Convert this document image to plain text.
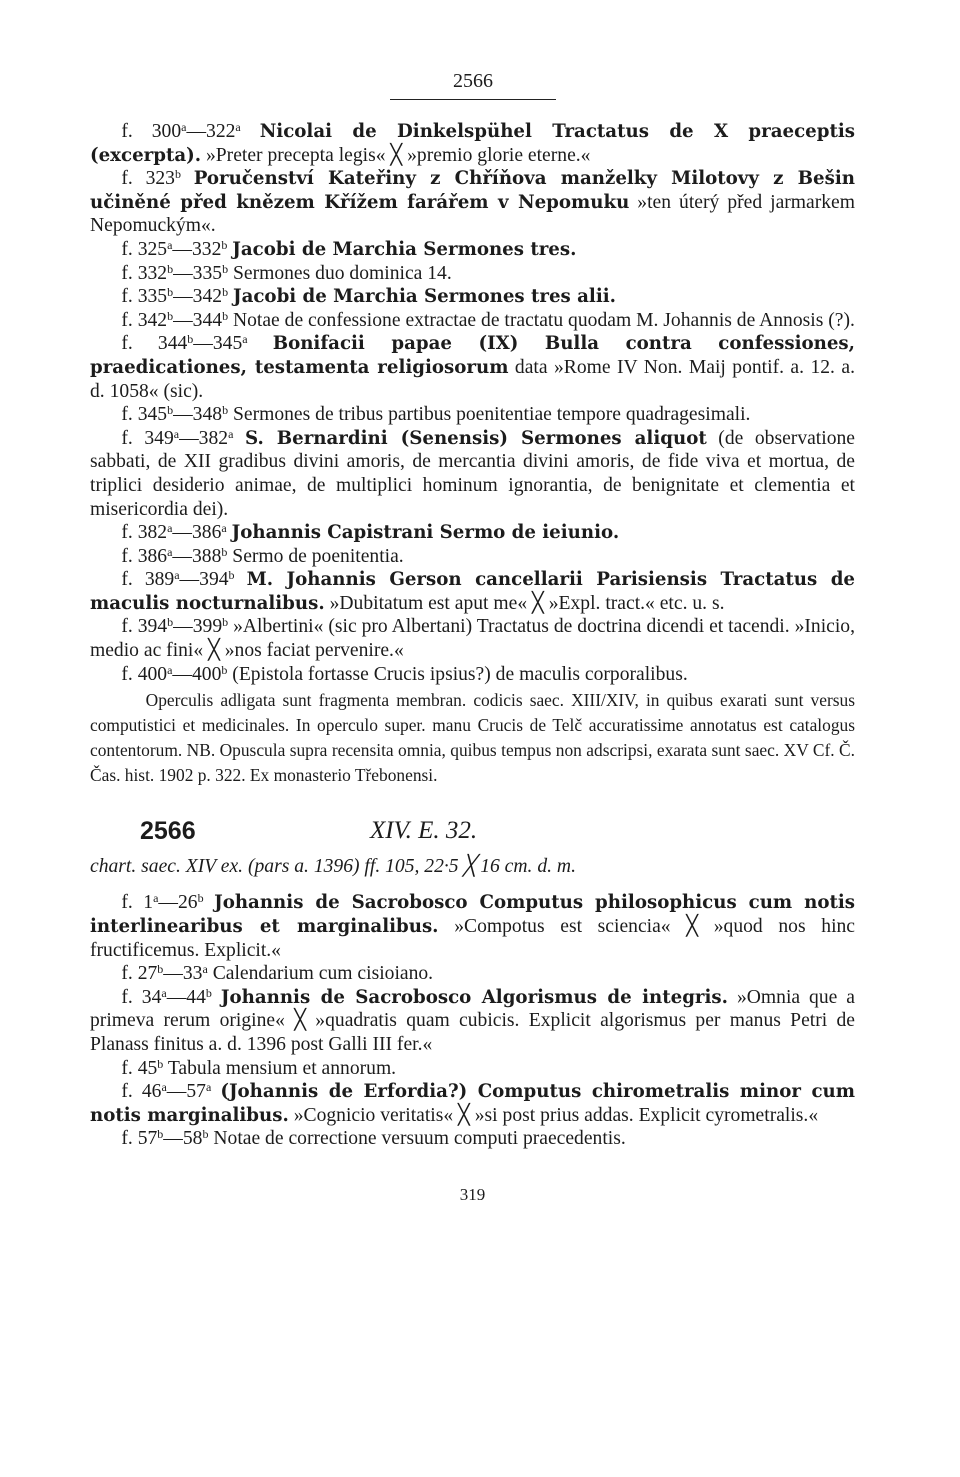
2566

f. 300$^a$—322$^a$ Nicolai de Dinkelspühel Tractatus de X praeceptis (excerpta). »Preter precepta legis« ╳ »premio glorie eterne.«

f. 323$^b$ Poručenství Kateřiny z Chříňova manželky Milotovy z Bešin učiněné před knězem Křížem farářem v Nepomuku »ten úterý před jarmarkem Nepomuckým«.

f. 325$^a$—332$^b$ Jacobi de Marchia Sermones tres.

f. 332$^b$—335$^b$ Sermones duo dominica 14.

f. 335$^b$—342$^b$ Jacobi de Marchia Sermones tres alii.

f. 342$^b$—344$^b$ Notae de confessione extractae de tractatu quodam M. Johannis de Annosis (?).

f. 344$^b$—345$^a$ Bonifacii papae (IX) Bulla contra confessiones, praedicationes, testamenta religiosorum data »Rome IV Non. Maij pontif. a. 12. a. d. 1058« (sic).

f. 345$^b$—348$^b$ Sermones de tribus partibus poenitentiae tempore quadragesimali.

f. 349$^a$—382$^a$ S. Bernardini (Senensis) Sermones aliquot (de observatione sabbati, de XII gradibus divini amoris, de mercantia divini amoris, de fide viva et mortua, de triplici desiderio animae, de multiplici hominum ignorantia, de benignitate et clementia et misericordia dei).

f. 382$^a$—386$^a$ Johannis Capistrani Sermo de ieiunio.

f. 386$^a$—388$^b$ Sermo de poenitentia.

f. 389$^a$—394$^b$ M. Johannis Gerson cancellarii Parisiensis Tractatus de maculis nocturnalibus. »Dubitatum est aput me« ╳ »Expl. tract.« etc. u. s.

f. 394$^b$—399$^b$ »Albertini« (sic pro Albertani) Tractatus de doctrina dicendi et tacendi. »Inicio, medio ac fini« ╳ »nos faciat pervenire.«

f. 400$^a$—400$^b$ (Epistola fortasse Crucis ipsius?) de maculis corporalibus.

Operculis adligata sunt fragmenta membran. codicis saec. XIII/XIV, in quibus exarati sunt versus computistici et medicinales. In operculo super. manu Crucis de Telč accuratissime annotatus est catalogus contentorum. NB. Opuscula supra recensita omnia, quibus tempus non adscripsi, exarata sunt saec. XV Cf. Č. Čas. hist. 1902 p. 322. Ex monasterio Třebonensi.

2566	XIV. E. 32.

chart. saec. XIV ex. (pars a. 1396) ff. 105, 22·5 ╳ 16 cm. d. m.

f. 1$^a$—26$^b$ Johannis de Sacrobosco Computus philosophicus cum notis interlinearibus et marginalibus. »Compotus est sciencia« ╳ »quod nos hinc fructificemus. Explicit.«

f. 27$^b$—33$^a$ Calendarium cum cisioiano.

f. 34$^a$—44$^b$ Johannis de Sacrobosco Algorismus de integris. »Omnia que a primeva rerum origine« ╳ »quadratis quam cubicis. Explicit algorismus per manus Petri de Planass finitus a. d. 1396 post Galli III fer.«

f. 45$^b$ Tabula mensium et annorum.

f. 46$^a$—57$^a$ (Johannis de Erfordia?) Computus chirometralis minor cum notis marginalibus. »Cognicio veritatis« ╳ »si post prius addas. Explicit cyrometralis.«

f. 57$^b$—58$^b$ Notae de correctione versuum computi praecedentis.

319
